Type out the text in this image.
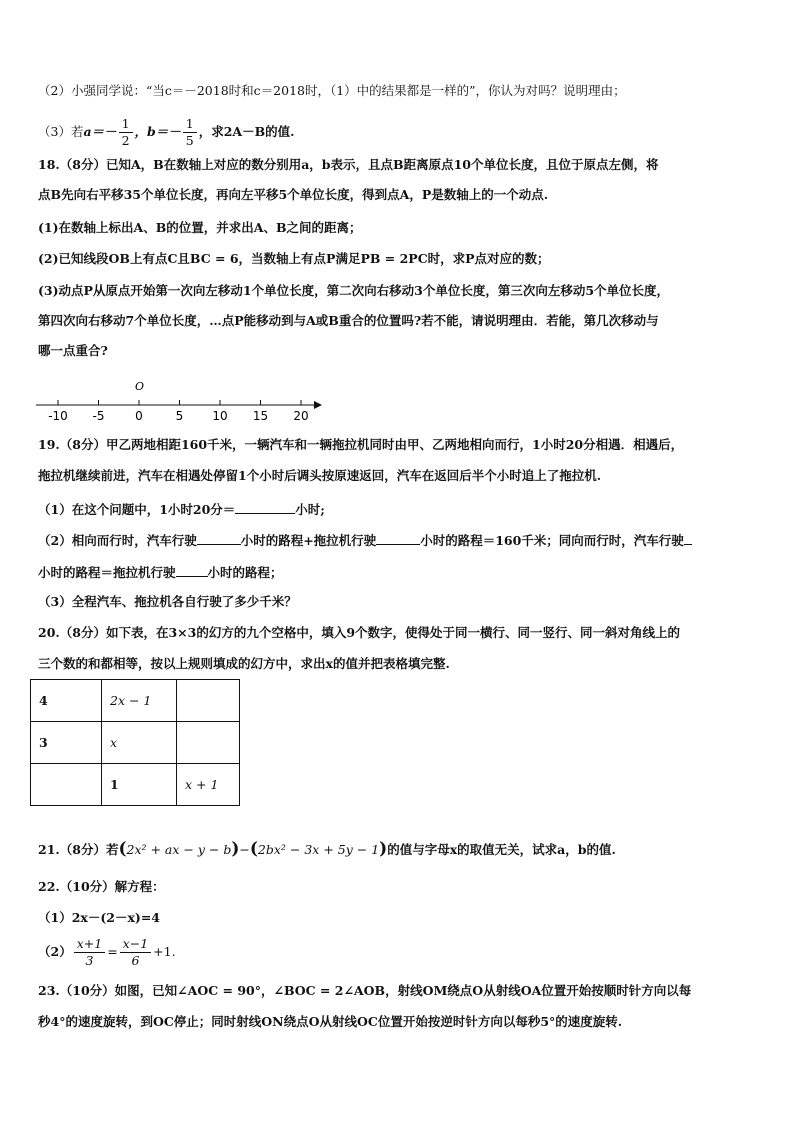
（2）小强同学说：“当c＝－2018时和c＝2018时，（1）中的结果都是一样的”，你认为对吗？说明理由；
（3）若$a=- \frac{1}{2}$ ，$b=- \frac{1}{5}$ ，求2A－B的值.
18.（8分）已知A，B在数轴上对应的数分别用a，b表示，且点B距离原点10个单位长度，且位于原点左侧，将
点B先向右平移35个单位长度，再向左平移5个单位长度，得到点A，P是数轴上的一个动点.
(1)在数轴上标出A、B的位置，并求出A、B之间的距离；
(2)已知线段OB上有点C且BC = 6，当数轴上有点P满足PB = 2PC时，求P点对应的数；
(3)动点P从原点开始第一次向左移动1个单位长度，第二次向右移动3个单位长度，第三次向左移动5个单位长度，
第四次向右移动7个单位长度，…点P能移动到与A或B重合的位置吗?若不能，请说明理由．若能，第几次移动与
哪一点重合?
O
-10 -5	0	5 10 15 20
19.（8分）甲乙两地相距160千米，一辆汽车和一辆拖拉机同时由甲、乙两地相向而行，1小时20分相遇．相遇后，
拖拉机继续前进，汽车在相遇处停留1个小时后调头按原速返回，汽车在返回后半个小时追上了拖拉机.
（1）在这个问题中，1小时20分＝	小时;
（2）相向而行时，汽车行驶	小时的路程+拖拉机行驶	小时的路程＝160千米；同向而行时，汽车行驶
小时的路程＝拖拉机行驶	小时的路程；
（3）全程汽车、拖拉机各自行驶了多少千米？
20.（8分）如下表，在3×3的幻方的九个空格中，填入9个数字，使得处于同一横行、同一竖行、同一斜对角线上的
三个数的和都相等，按以上规则填成的幻方中，求出x的值并把表格填完整.
4	2x − 1	
3	x	
	1	x + 1
21.（8分）若(2x² + ax − y − b)−(2bx² − 3x + 5y − 1)的值与字母x的取值无关，试求a，b的值.
22.（10分）解方程：
（1）2x－(2－x)=4
$(2) \frac{x+1}{3} = \frac{x-1}{6} +1$.
23.（10分）如图，已知∠AOC = 90°，∠BOC = 2∠AOB，射线OM绕点O从射线OA位置开始按顺时针方向以每
秒4°的速度旋转，到OC停止；同时射线ON绕点O从射线OC位置开始按逆时针方向以每秒5°的速度旋转.
